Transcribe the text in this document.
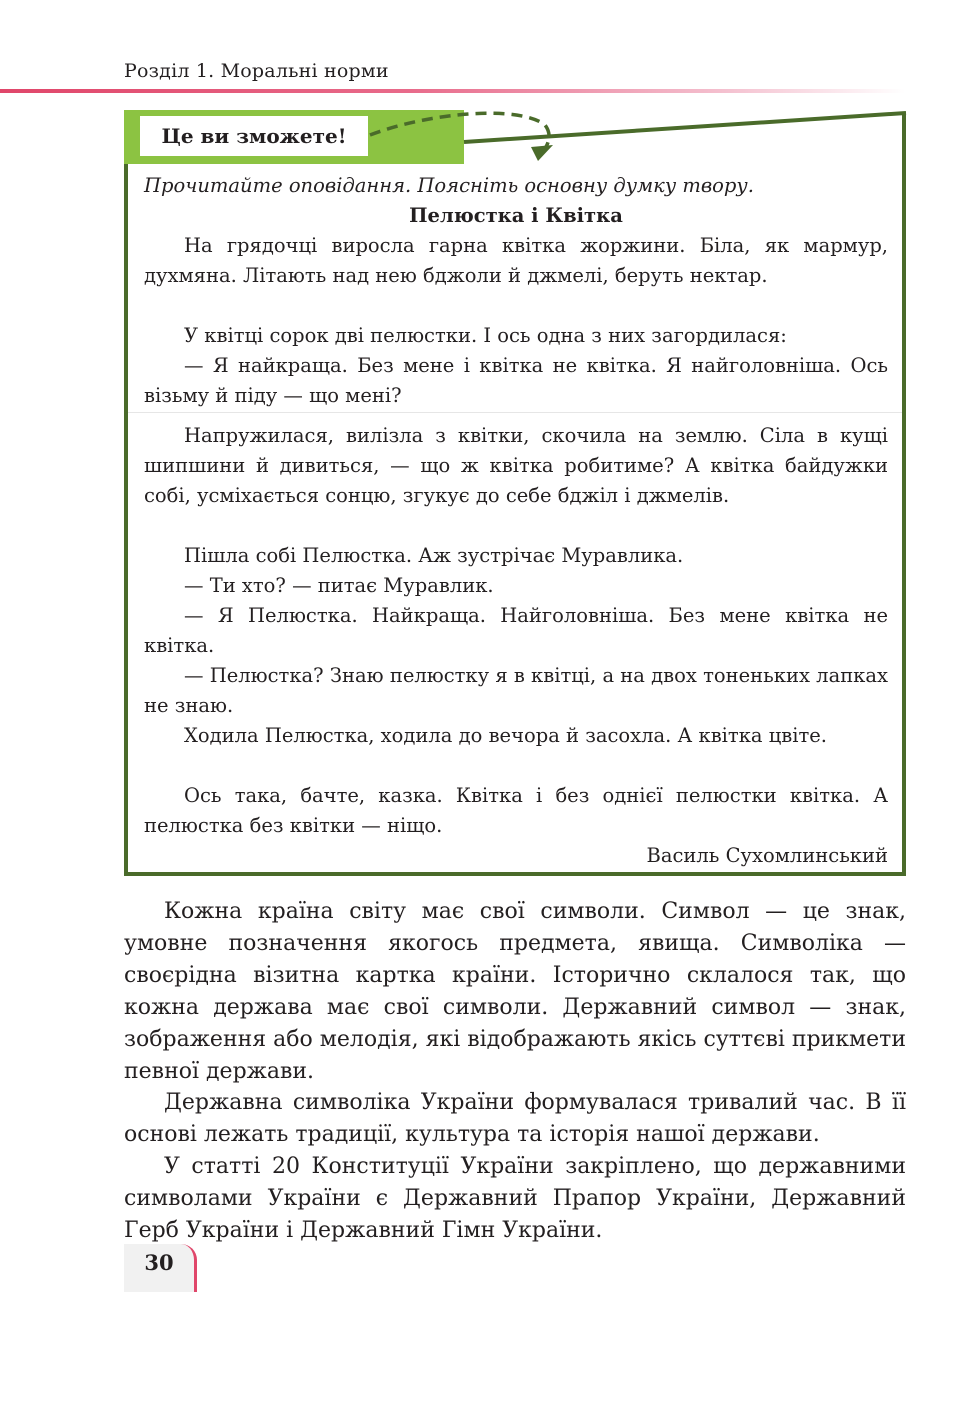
Розділ 1. Моральні норми
Це ви зможете!
Прочитайте оповідання. Поясніть основну думку твору.
Пелюстка і Квітка
На грядочці виросла гарна квітка жоржини. Біла, як мармур, духмяна. Літають над нею бджоли й джмелі, беруть нектар.
У квітці сорок дві пелюстки. І ось одна з них загордилася:
— Я найкраща. Без мене і квітка не квітка. Я найголовніша. Ось візьму й піду — що мені?
Напружилася, вилізла з квітки, скочила на землю. Сіла в кущі шипшини й дивиться, — що ж квітка робитиме? А квітка байдужки собі, усміхається сонцю, згукує до себе бджіл і джмелів.
Пішла собі Пелюстка. Аж зустрічає Муравлика.
— Ти хто? — питає Муравлик.
— Я Пелюстка. Найкраща. Найголовніша. Без мене квітка не квітка.
— Пелюстка? Знаю пелюстку я в квітці, а на двох тоненьких лапках не знаю.
Ходила Пелюстка, ходила до вечора й засохла. А квітка цвіте.
Ось така, бачте, казка. Квітка і без однієї пелюстки квітка. А пелюстка без квітки — ніщо.
Василь Сухомлинський
Кожна країна світу має свої символи. Символ — це знак, умовне позначення якогось предмета, явища. Символіка — своєрідна візитна картка країни. Історично склалося так, що кожна держава має свої символи. Державний символ — знак, зображення або мелодія, які відображають якісь суттєві прикмети певної держави.
Державна символіка України формувалася тривалий час. В її основі лежать традиції, культура та історія нашої держави.
У статті 20 Конституції України закріплено, що державними символами України є Державний Прапор України, Державний Герб України і Державний Гімн України.
30
